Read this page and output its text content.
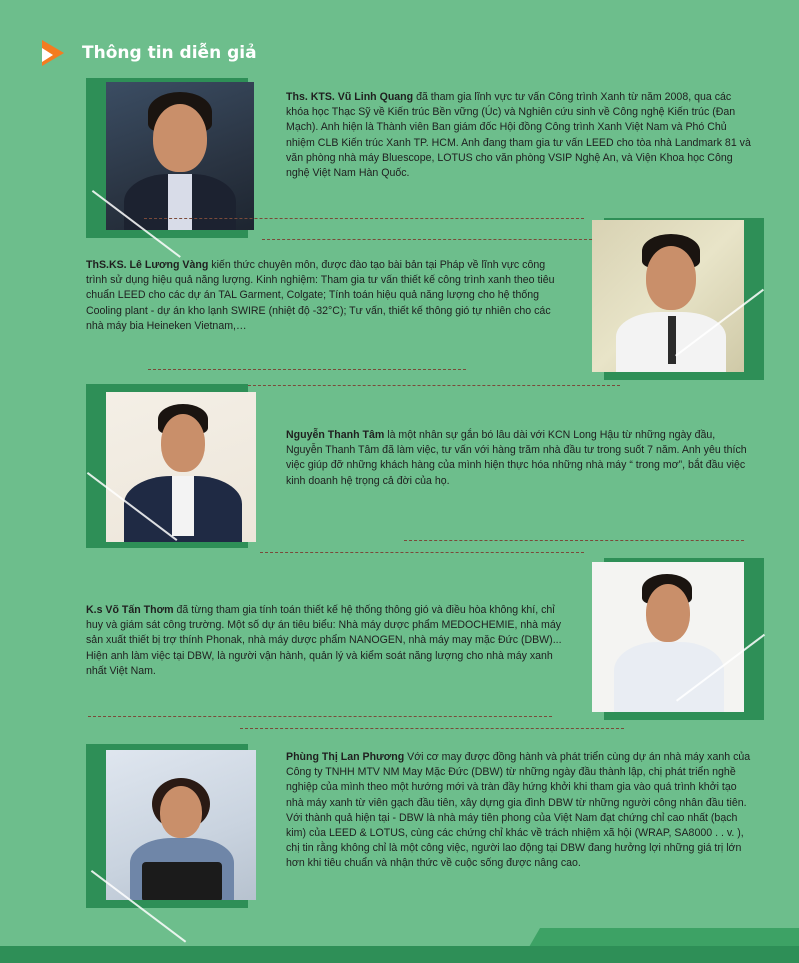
Thông tin diễn giả
Ths. KTS. Vũ Linh Quang đã tham gia lĩnh vực tư vấn Công trình Xanh từ năm 2008, qua các khóa học Thạc Sỹ về Kiến trúc Bền vững (Úc) và Nghiên cứu sinh về Công nghệ Kiến trúc (Đan Mạch). Anh hiện là Thành viên Ban giám đốc Hội đồng Công trình Xanh Việt Nam và Phó Chủ nhiệm CLB Kiến trúc Xanh TP. HCM. Anh đang tham gia tư vấn LEED cho tòa nhà Landmark 81 và văn phòng nhà máy Bluescope, LOTUS cho văn phòng VSIP Nghệ An, và Viện Khoa học Công nghệ Việt Nam Hàn Quốc.
ThS.KS. Lê Lương Vàng kiến thức chuyên môn, được đào tạo bài bản tại Pháp về lĩnh vực công trình sử dụng hiệu quả năng lượng. Kinh nghiệm: Tham gia tư vấn thiết kế công trình xanh theo tiêu chuẩn LEED cho các dự án TAL Garment, Colgate; Tính toán hiệu quả năng lượng cho hệ thống Cooling plant - dự án kho lạnh SWIRE (nhiệt độ -32°C); Tư vấn, thiết kế thông gió tự nhiên cho các nhà máy bia Heineken Vietnam,…
Nguyễn Thanh Tâm là một nhân sự gắn bó lâu dài với KCN Long Hậu từ những ngày đầu, Nguyễn Thanh Tâm đã làm việc, tư vấn với hàng trăm nhà đầu tư trong suốt 7 năm. Anh yêu thích việc giúp đỡ những khách hàng của mình hiện thực hóa những nhà máy “ trong mơ”, bắt đầu việc kinh doanh hệ trọng cả đời của họ.
K.s Võ Tấn Thơm đã từng tham gia tính toán thiết kế hệ thống thông gió và điều hòa không khí, chỉ huy và giám sát công trường. Một số dự án tiêu biểu: Nhà máy dược phẩm MEDOCHEMIE, nhà máy sản xuất thiết bị trợ thính Phonak, nhà máy dược phẩm NANOGEN, nhà máy may mặc Đức (DBW)... Hiện anh làm việc tại DBW, là người vận hành, quản lý và kiểm soát năng lượng cho nhà máy xanh nhất Việt Nam.
Phùng Thị Lan Phương Với cơ may được đồng hành và phát triển cùng dự án nhà máy xanh của Công ty TNHH MTV NM May Mặc Đức (DBW) từ những ngày đầu thành lập, chị phát triển nghề nghiệp của mình theo một hướng mới và tràn đầy hứng khởi khi tham gia vào quá trình khởi tạo nhà máy xanh từ viên gạch đầu tiên, xây dựng gia đình DBW từ những người công nhân đầu tiên. Với thành quả hiện tại - DBW là nhà máy tiên phong của Việt Nam đạt chứng chỉ cao nhất (bạch kim) của LEED & LOTUS, cùng các chứng chỉ khác về trách nhiệm xã hội (WRAP, SA8000 . . v. ), chị tin rằng không chỉ là một công việc, người lao động tại DBW đang hưởng lợi những giá trị lớn hơn khi tiêu chuẩn và nhận thức về cuộc sống được nâng cao.
